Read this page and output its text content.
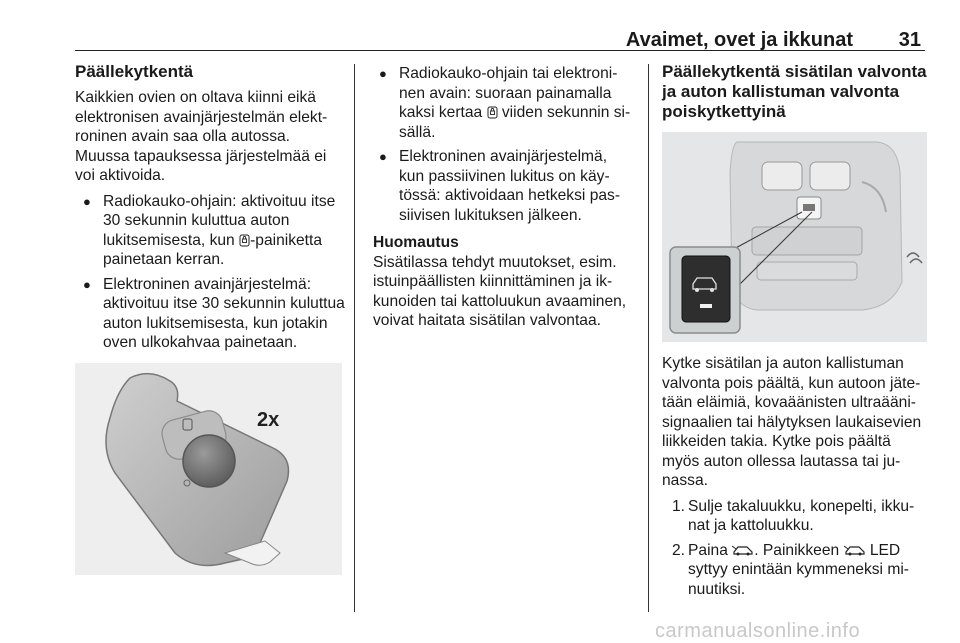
Avaimet, ovet ja ikkunat 31
Päällekytkentä

Kaikkien ovien on oltava kiinni eikä elektronisen avainjärjestelmän elektroninen avain saa olla autossa. Muussa tapauksessa järjestelmää ei voi aktivoida.

● Radiokauko-ohjain: aktivoituu itse 30 sekunnin kuluttua auton lukitsemisesta, kun -painiketta painetaan kerran.
● Elektroninen avainjärjestelmä: aktivoituu itse 30 sekunnin kuluttua auton lukitsemisesta, kun jotakin oven ulkokahvaa painetaan.
2x
● Radiokauko-ohjain tai elektroninen avain: suoraan painamalla kaksi kertaa  viiden sekunnin sisällä.
● Elektroninen avainjärjestelmä, kun passiivinen lukitus on käytössä: aktivoidaan hetkeksi passiivisen lukituksen jälkeen.

Huomautus

Sisätilassa tehdyt muutokset, esim. istuinpäällisten kiinnittäminen ja ikkunoiden tai kattoluukun avaaminen, voivat haitata sisätilan valvontaa.

Päällekytkentä sisätilan valvonta ja auton kallistuman valvonta poiskytkettyinä

Kytke sisätilan ja auton kallistuman valvonta pois päältä, kun autoon jätetään eläimiä, kovaäänisten ultraäänisignaalien tai hälytyksen laukaisevien liikkeiden takia. Kytke pois päältä myös auton ollessa lautassa tai junassa.

1. Sulje takaluukku, konepelti, ikkunat ja kattoluukku.
2. Paina . Painikkeen  LED syttyy enintään kymmeneksi minuutiksi.
carmanualsonline.info
